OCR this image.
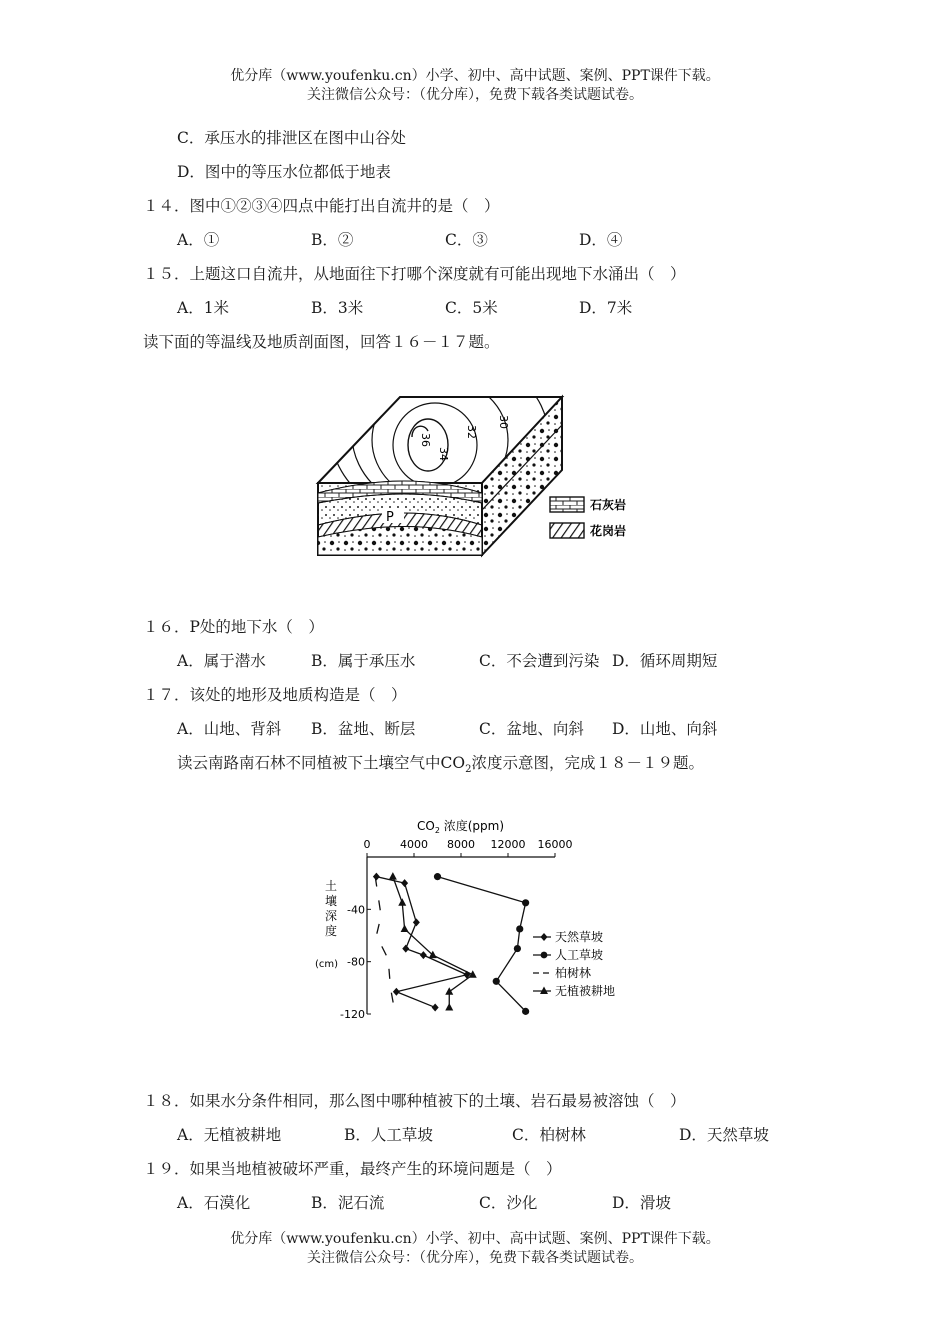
优分库（www.youfenku.cn）小学、初中、高中试题、案例、PPT课件下载。
关注微信公众号：（优分库），免费下载各类试题试卷。
C．承压水的排泄区在图中山谷处
D．图中的等压水位都低于地表
１４．图中①②③④四点中能打出自流井的是（　）
A．①	B．②	C．③	D．④
１５．上题这口自流井，从地面往下打哪个深度就有可能出现地下水涌出（　）
A．1米	B．3米	C．5米	D．7米
读下面的等温线及地质剖面图，回答１６－１７题。
36
34
32
30
P
石灰岩
花岗岩
１６．P处的地下水（　）
A．属于潜水	B．属于承压水	C．不会遭到污染 D．循环周期短
１７．该处的地形及地质构造是（　）
A．山地、背斜 B．盆地、断层	C．盆地、向斜 D．山地、向斜
读云南路南石林不同植被下土壤空气中$CO_2$浓度示意图，完成１８－１９题。
$CO_2$ 浓度(ppm)
土
壤
深
度
(cm)
0	4000 8000 12000 16000
-40
-80
-120
天然草坡
人工草坡
柏树林
无植被耕地
１８．如果水分条件相同，那么图中哪种植被下的土壤、岩石最易被溶蚀（　）
A．无植被耕地	B．人工草坡	C．柏树林	D．天然草坡
１９．如果当地植被破坏严重，最终产生的环境问题是（　）
A．石漠化	B．泥石流	C．沙化	D．滑坡
优分库（www.youfenku.cn）小学、初中、高中试题、案例、PPT课件下载。
关注微信公众号：（优分库），免费下载各类试题试卷。
